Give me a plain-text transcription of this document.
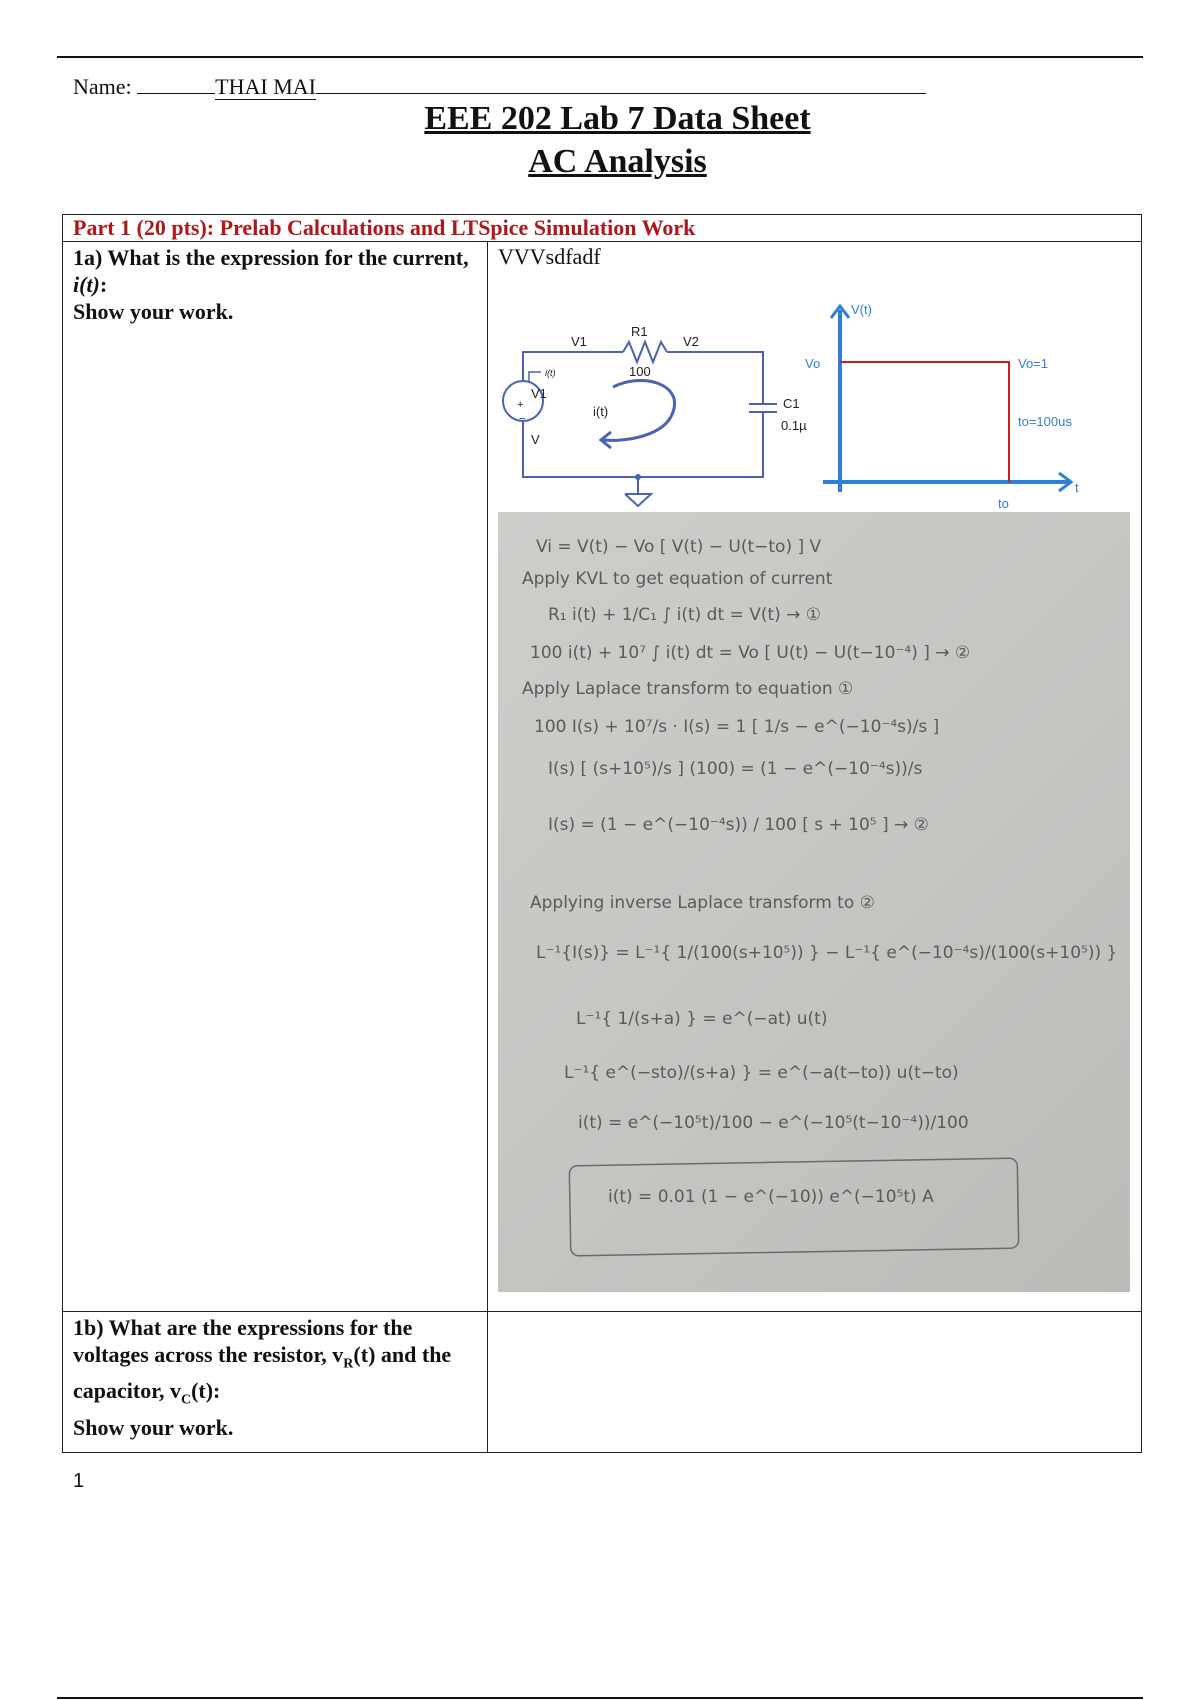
Name:	THAI MAI
EEE 202 Lab 7 Data Sheet
AC Analysis
Part 1 (20 pts): Prelab Calculations and LTSpice Simulation Work
1a) What is the expression for the current, i(t):
Show your work.
VVVsdfadf
V1
R1
V2
100
V1
V
i(t)
i(t)
C1
0.1µ
+
−
V(t)
t
Vo	Vo=1
to=100us
to
Vi = V(t) − Vo [ V(t) − U(t−to) ] V
Apply KVL to get equation of current
R₁ i(t) + 1/C₁ ∫ i(t) dt = V(t) → ①
100 i(t) + 10⁷ ∫ i(t) dt = Vo [ U(t) − U(t−10⁻⁴) ] → ②
Apply Laplace transform to equation ①
100 I(s) + 10⁷/s · I(s) = 1 [ 1/s − e^(−10⁻⁴s)/s ]
I(s) [ (s+10⁵)/s ] (100) = (1 − e^(−10⁻⁴s))/s
I(s) = (1 − e^(−10⁻⁴s)) / 100 [ s + 10⁵ ] → ②
Applying inverse Laplace transform to ②
L⁻¹{I(s)} = L⁻¹{ 1/(100(s+10⁵)) } − L⁻¹{ e^(−10⁻⁴s)/(100(s+10⁵)) }
L⁻¹{ 1/(s+a) } = e^(−at) u(t)
L⁻¹{ e^(−sto)/(s+a) } = e^(−a(t−to)) u(t−to)
i(t) = e^(−10⁵t)/100 − e^(−10⁵(t−10⁻⁴))/100
i(t) = 0.01 (1 − e^(−10)) e^(−10⁵t) A
1b) What are the expressions for the voltages across the resistor, $v_R(t)$ and the capacitor, $v_C(t)$:
Show your work.
1
